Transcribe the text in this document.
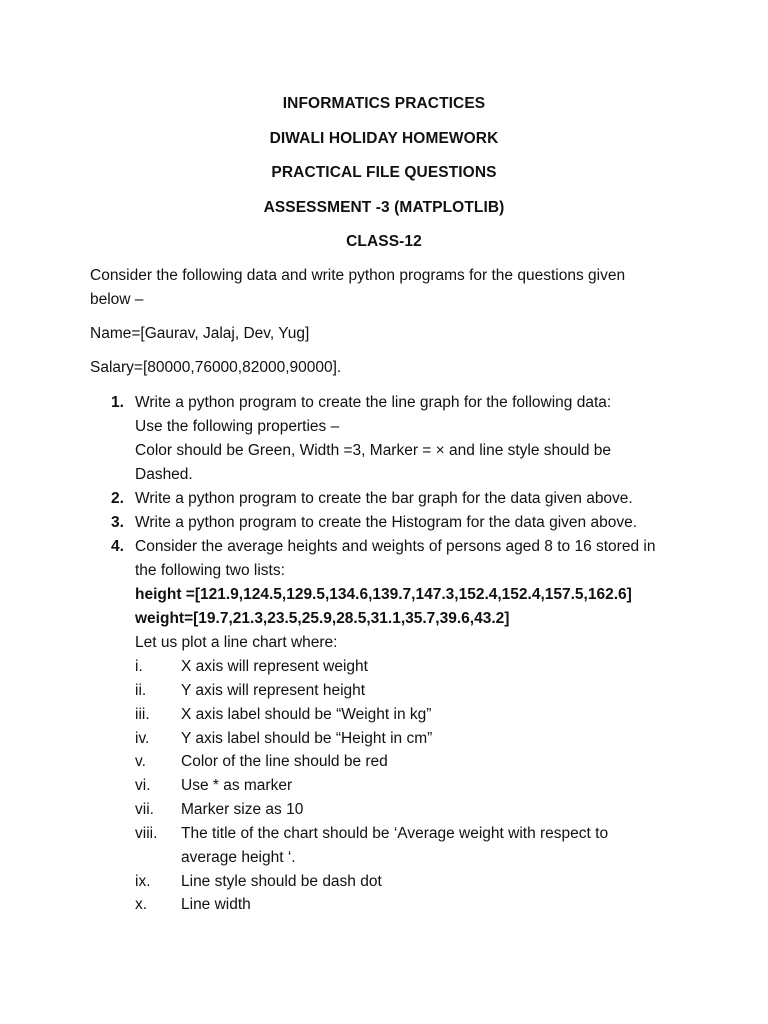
INFORMATICS PRACTICES
DIWALI HOLIDAY HOMEWORK
PRACTICAL FILE QUESTIONS
ASSESSMENT -3 (MATPLOTLIB)
CLASS-12
Consider the following data and write python programs for the questions given
below –
Name=[Gaurav, Jalaj, Dev, Yug]
Salary=[80000,76000,82000,90000].
1. Write a python program to create the line graph for the following data:
Use the following properties –
Color should be Green, Width =3, Marker = × and line style should be
Dashed.
2. Write a python program to create the bar graph for the data given above.
3. Write a python program to create the Histogram for the data given above.
4. Consider the average heights and weights of persons aged 8 to 16 stored in
the following two lists:
height =[121.9,124.5,129.5,134.6,139.7,147.3,152.4,152.4,157.5,162.6]
weight=[19.7,21.3,23.5,25.9,28.5,31.1,35.7,39.6,43.2]
Let us plot a line chart where:
i. X axis will represent weight
ii. Y axis will represent height
iii. X axis label should be “Weight in kg”
iv. Y axis label should be “Height in cm”
v. Color of the line should be red
vi. Use * as marker
vii. Marker size as 10
viii. The title of the chart should be ‘Average weight with respect to
average height ‘.
ix. Line style should be dash dot
x. Line width
